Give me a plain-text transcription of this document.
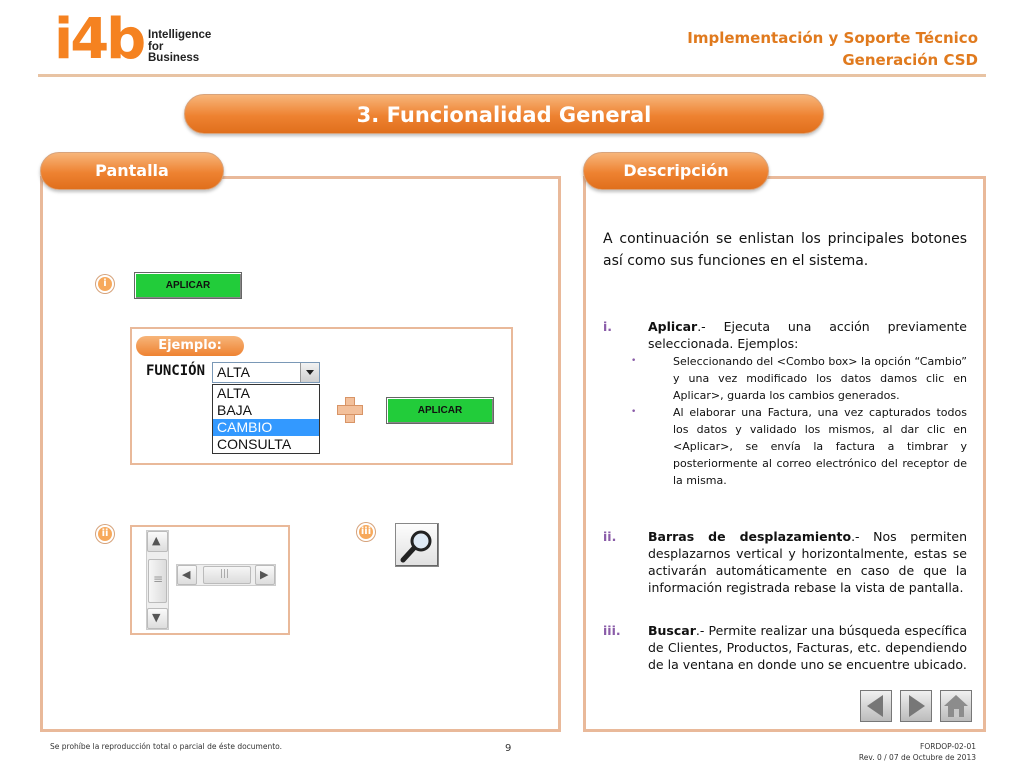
i4b Intelligence
for
Business
Implementación y Soporte Técnico
Generación CSD
3. Funcionalidad General
Pantalla
i	APLICAR
Ejemplo:
FUNCIÓN ALTA
ALTA
BAJA
CAMBIO
CONSULTA
APLICAR
ii
▲
≡
▼
◀	|||	▶
iii
Descripción
A continuación se enlistan los principales botones así como sus funciones en el sistema.
i.	Aplicar.- Ejecuta una acción previamente seleccionada. Ejemplos:
• Seleccionando del <Combo box> la opción “Cambio” y una vez modificado los datos damos clic en Aplicar>, guarda los cambios generados.
• Al elaborar una Factura, una vez capturados todos los datos y validado los mismos, al dar clic en <Aplicar>, se envía la factura a timbrar y posteriormente al correo electrónico del receptor de la misma.
ii.	Barras de desplazamiento.- Nos permiten desplazarnos vertical y horizontalmente, estas se activarán automáticamente en caso de que la información registrada rebase la vista de pantalla.
iii.	Buscar.- Permite realizar una búsqueda específica de Clientes, Productos, Facturas, etc. dependiendo de la ventana en donde uno se encuentre ubicado.
Se prohíbe la reproducción total o parcial de éste documento.	9	FORDOP-02-01
Rev. 0 / 07 de Octubre de 2013
